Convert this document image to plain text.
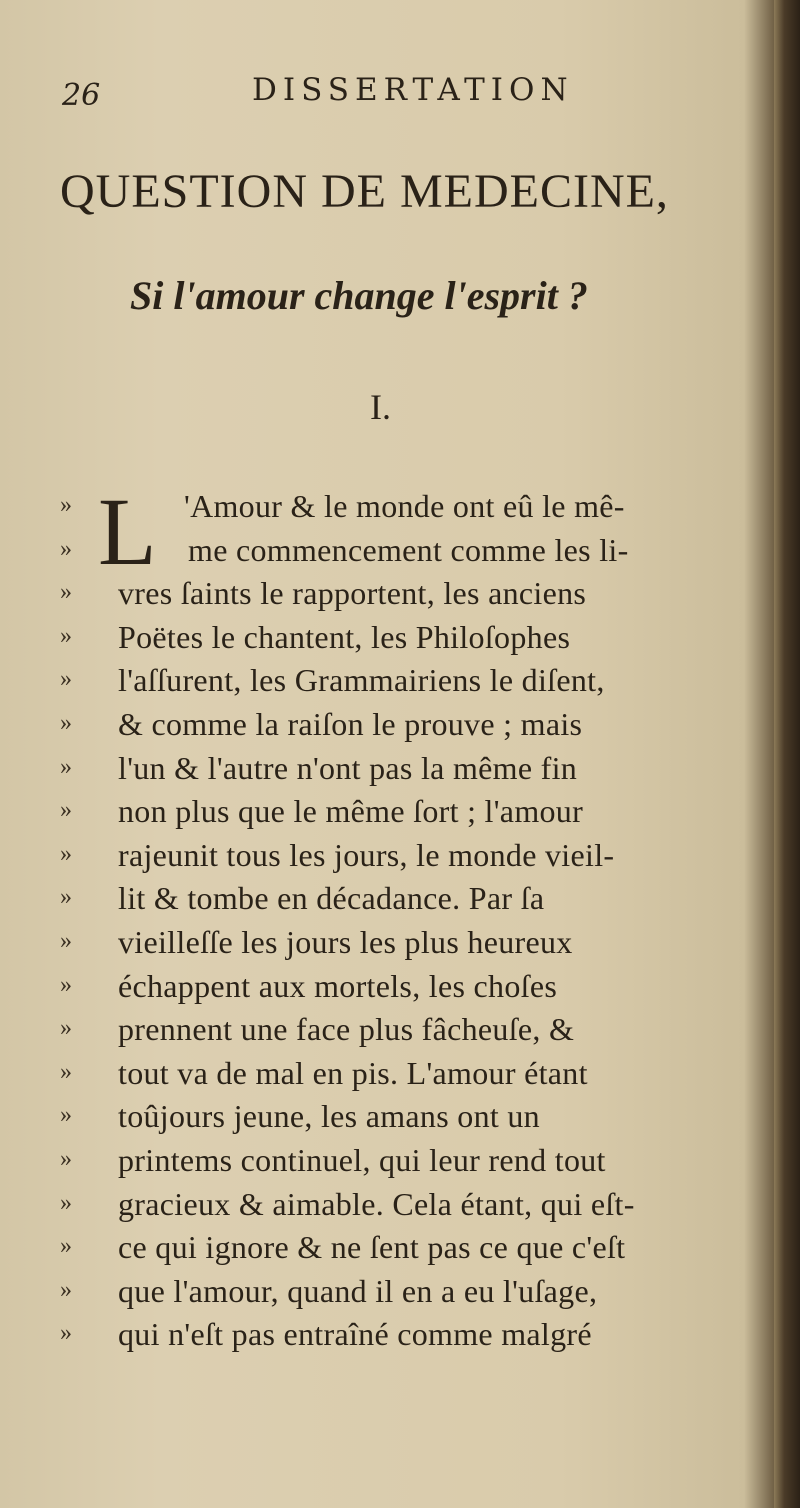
26	DISSERTATION
QUESTION DE MEDECINE,
Si l'amour change l'esprit ?
I.
L
»	'Amour & le monde ont eû le mê-
»	me commencement comme les li-
»	vres ſaints le rapportent, les anciens
»	Poëtes le chantent, les Philoſophes
»	l'aſſurent, les Grammairiens le diſent,
»	& comme la raiſon le prouve ; mais
»	l'un & l'autre n'ont pas la même fin
»	non plus que le même ſort ; l'amour
»	rajeunit tous les jours, le monde vieil-
»	lit & tombe en décadance. Par ſa
»	vieilleſſe les jours les plus heureux
»	échappent aux mortels, les choſes
»	prennent une face plus fâcheuſe, &
»	tout va de mal en pis. L'amour étant
»	toûjours jeune, les amans ont un
»	printems continuel, qui leur rend tout
»	gracieux & aimable. Cela étant, qui eſt-
»	ce qui ignore & ne ſent pas ce que c'eſt
»	que l'amour, quand il en a eu l'uſage,
»	qui n'eſt pas entraîné comme malgré
